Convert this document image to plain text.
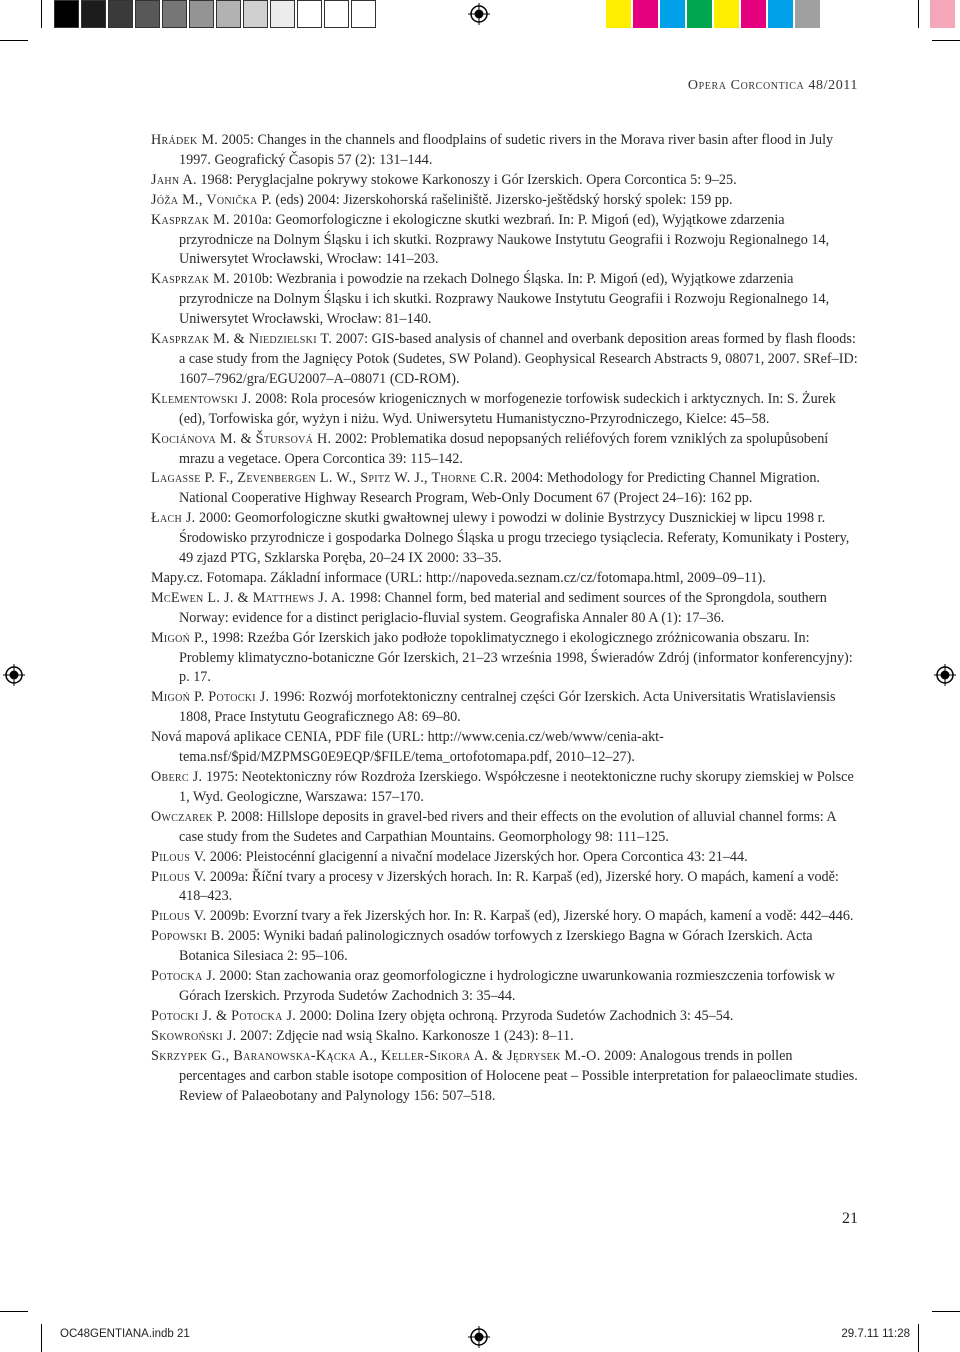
Opera Corcontica 48/2011

Hrádek M. 2005: Changes in the channels and floodplains of sudetic rivers in the Morava river basin after flood in July 1997. Geografický Časopis 57 (2): 131–144.

Jahn A. 1968: Peryglacjalne pokrywy stokowe Karkonoszy i Gór Izerskich. Opera Corcontica 5: 9–25.

Jóža M., Vonička P. (eds) 2004: Jizerskohorská rašeliniště. Jizersko-ještědský horský spolek: 159 pp.

Kasprzak M. 2010a: Geomorfologiczne i ekologiczne skutki wezbrań. In: P. Migoń (ed), Wyjątkowe zdarzenia przyrodnicze na Dolnym Śląsku i ich skutki. Rozprawy Naukowe Instytutu Geografii i Rozwoju Regionalnego 14, Uniwersytet Wrocławski, Wrocław: 141–203.

Kasprzak M. 2010b: Wezbrania i powodzie na rzekach Dolnego Śląska. In: P. Migoń (ed), Wyjątkowe zdarzenia przyrodnicze na Dolnym Śląsku i ich skutki. Rozprawy Naukowe Instytutu Geografii i Rozwoju Regionalnego 14, Uniwersytet Wrocławski, Wrocław: 81–140.

Kasprzak M. & Niedzielski T. 2007: GIS-based analysis of channel and overbank deposition areas formed by flash floods: a case study from the Jagnięcy Potok (Sudetes, SW Poland). Geophysical Research Abstracts 9, 08071, 2007. SRef–ID: 1607–7962/gra/EGU2007–A–08071 (CD-ROM).

Klementowski J. 2008: Rola procesów kriogenicznych w morfogenezie torfowisk sudeckich i arktycznych. In: S. Żurek (ed), Torfowiska gór, wyżyn i niżu. Wyd. Uniwersytetu Humanistyczno-Przyrodniczego, Kielce: 45–58.

Kociánova M. & Štursová H. 2002: Problematika dosud nepopsaných reliéfových forem vzniklých za spolupůsobení mrazu a vegetace. Opera Corcontica 39: 115–142.

Lagasse P. F., Zevenbergen L. W., Spitz W. J., Thorne C.R. 2004: Methodology for Predicting Channel Migration. National Cooperative Highway Research Program, Web-Only Document 67 (Project 24–16): 162 pp.

Łach J. 2000: Geomorfologiczne skutki gwałtownej ulewy i powodzi w dolinie Bystrzycy Dusznickiej w lipcu 1998 r. Środowisko przyrodnicze i gospodarka Dolnego Śląska u progu trzeciego tysiąclecia. Referaty, Komunikaty i Postery, 49 zjazd PTG, Szklarska Poręba, 20–24 IX 2000: 33–35.

Mapy.cz. Fotomapa. Základní informace (URL: http://napoveda.seznam.cz/cz/fotomapa.html, 2009–09–11).

McEwen L. J. & Matthews J. A. 1998: Channel form, bed material and sediment sources of the Sprongdola, southern Norway: evidence for a distinct periglacio-fluvial system. Geografiska Annaler 80 A (1): 17–36.

Migoń P., 1998: Rzeźba Gór Izerskich jako podłoże topoklimatycznego i ekologicznego zróżnicowania obszaru. In: Problemy klimatyczno-botaniczne Gór Izerskich, 21–23 września 1998, Świeradów Zdrój (informator konferencyjny): p. 17.

Migoń P. Potocki J. 1996: Rozwój morfotektoniczny centralnej części Gór Izerskich. Acta Universitatis Wratislaviensis 1808, Prace Instytutu Geograficznego A8: 69–80.

Nová mapová aplikace CENIA, PDF file (URL: http://www.cenia.cz/web/www/cenia-akt-tema.nsf/$pid/MZPMSG0E9EQP/$FILE/tema_ortofotomapa.pdf, 2010–12–27).

Oberc J. 1975: Neotektoniczny rów Rozdroża Izerskiego. Współczesne i neotektoniczne ruchy skorupy ziemskiej w Polsce 1, Wyd. Geologiczne, Warszawa: 157–170.

Owczarek P. 2008: Hillslope deposits in gravel-bed rivers and their effects on the evolution of alluvial channel forms: A case study from the Sudetes and Carpathian Mountains. Geomorphology 98: 111–125.

Pilous V. 2006: Pleistocénní glacigenní a nivační modelace Jizerských hor. Opera Corcontica 43: 21–44.

Pilous V. 2009a: Říční tvary a procesy v Jizerských horach. In: R. Karpaš (ed), Jizerské hory. O mapách, kamení a vodě: 418–423.

Pilous V. 2009b: Evorzní tvary a řek Jizerských hor. In: R. Karpaš (ed), Jizerské hory. O mapách, kamení a vodě: 442–446.

Popowski B. 2005: Wyniki badań palinologicznych osadów torfowych z Izerskiego Bagna w Górach Izerskich. Acta Botanica Silesiaca 2: 95–106.

Potocka J. 2000: Stan zachowania oraz geomorfologiczne i hydrologiczne uwarunkowania rozmieszczenia torfowisk w Górach Izerskich. Przyroda Sudetów Zachodnich 3: 35–44.

Potocki J. & Potocka J. 2000: Dolina Izery objęta ochroną. Przyroda Sudetów Zachodnich 3: 45–54.

Skowroński J. 2007: Zdjęcie nad wsią Skalno. Karkonosze 1 (243): 8–11.

Skrzypek G., Baranowska-Kącka A., Keller-Sikora A. & Jędrysek M.-O. 2009: Analogous trends in pollen percentages and carbon stable isotope composition of Holocene peat – Possible interpretation for palaeoclimate studies. Review of Palaeobotany and Palynology 156: 507–518.

21
OC48GENTIANA.indb 21	29.7.11 11:28
